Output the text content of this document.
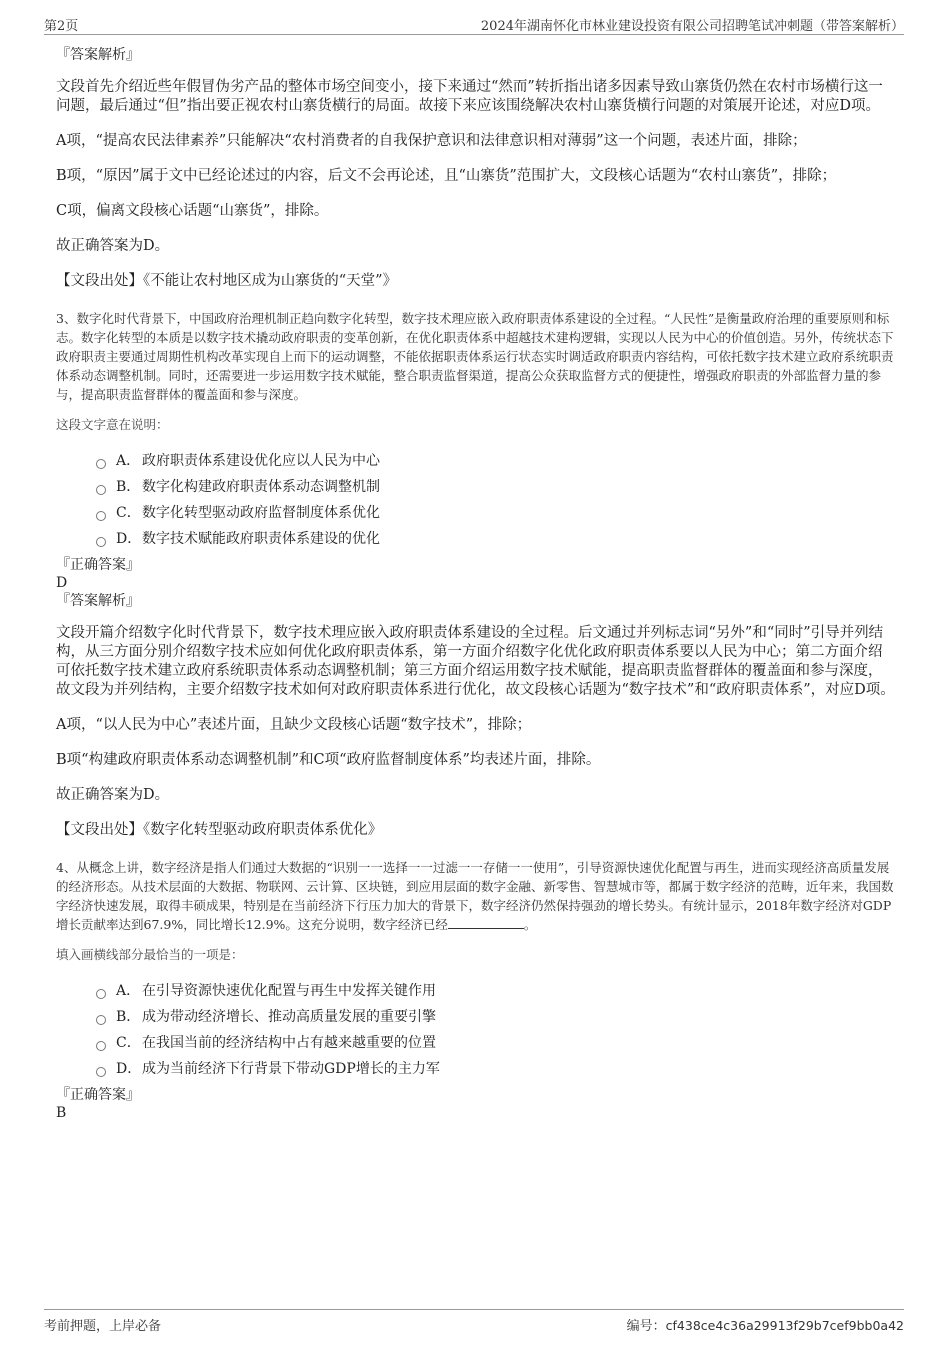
第2页	2024年湖南怀化市林业建设投资有限公司招聘笔试冲刺题（带答案解析）

『答案解析』

文段首先介绍近些年假冒伪劣产品的整体市场空间变小，接下来通过“然而”转折指出诸多因素导致山寨货仍然在农村市场横行这一问题，最后通过“但”指出要正视农村山寨货横行的局面。故接下来应该围绕解决农村山寨货横行问题的对策展开论述，对应D项。

A项，“提高农民法律素养”只能解决“农村消费者的自我保护意识和法律意识相对薄弱”这一个问题，表述片面，排除；

B项，“原因”属于文中已经论述过的内容，后文不会再论述，且“山寨货”范围扩大，文段核心话题为“农村山寨货”，排除；

C项，偏离文段核心话题“山寨货”，排除。

故正确答案为D。

【文段出处】《不能让农村地区成为山寨货的“天堂”》

3、数字化时代背景下，中国政府治理机制正趋向数字化转型，数字技术理应嵌入政府职责体系建设的全过程。“人民性”是衡量政府治理的重要原则和标志。数字化转型的本质是以数字技术撬动政府职责的变革创新，在优化职责体系中超越技术建构逻辑，实现以人民为中心的价值创造。另外，传统状态下政府职责主要通过周期性机构改革实现自上而下的运动调整，不能依据职责体系运行状态实时调适政府职责内容结构，可依托数字技术建立政府系统职责体系动态调整机制。同时，还需要进一步运用数字技术赋能，整合职责监督渠道，提高公众获取监督方式的便捷性，增强政府职责的外部监督力量的参与，提高职责监督群体的覆盖面和参与深度。

这段文字意在说明：

A． 政府职责体系建设优化应以人民为中心
B． 数字化构建政府职责体系动态调整机制
C． 数字化转型驱动政府监督制度体系优化
D． 数字技术赋能政府职责体系建设的优化

『正确答案』

D

『答案解析』

文段开篇介绍数字化时代背景下，数字技术理应嵌入政府职责体系建设的全过程。后文通过并列标志词“另外”和“同时”引导并列结构，从三方面分别介绍数字技术应如何优化政府职责体系，第一方面介绍数字化优化政府职责体系要以人民为中心；第二方面介绍可依托数字技术建立政府系统职责体系动态调整机制；第三方面介绍运用数字技术赋能，提高职责监督群体的覆盖面和参与深度，故文段为并列结构，主要介绍数字技术如何对政府职责体系进行优化，故文段核心话题为“数字技术”和“政府职责体系”，对应D项。

A项，“以人民为中心”表述片面，且缺少文段核心话题“数字技术”，排除；

B项“构建政府职责体系动态调整机制”和C项“政府监督制度体系”均表述片面，排除。

故正确答案为D。

【文段出处】《数字化转型驱动政府职责体系优化》

4、从概念上讲，数字经济是指人们通过大数据的“识别一一选择一一过滤一一存储一一使用”，引导资源快速优化配置与再生，进而实现经济高质量发展的经济形态。从技术层面的大数据、物联网、云计算、区块链，到应用层面的数字金融、新零售、智慧城市等，都属于数字经济的范畴，近年来，我国数字经济快速发展，取得丰硕成果，特别是在当前经济下行压力加大的背景下，数字经济仍然保持强劲的增长势头。有统计显示，2018年数字经济对GDP增长贡献率达到67.9%，同比增长12.9%。这充分说明，数字经济已经	。

填入画横线部分最恰当的一项是：

A． 在引导资源快速优化配置与再生中发挥关键作用
B． 成为带动经济增长、推动高质量发展的重要引擎
C． 在我国当前的经济结构中占有越来越重要的位置
D． 成为当前经济下行背景下带动GDP增长的主力军

『正确答案』

B

考前押题，上岸必备	编号：cf438ce4c36a29913f29b7cef9bb0a42
